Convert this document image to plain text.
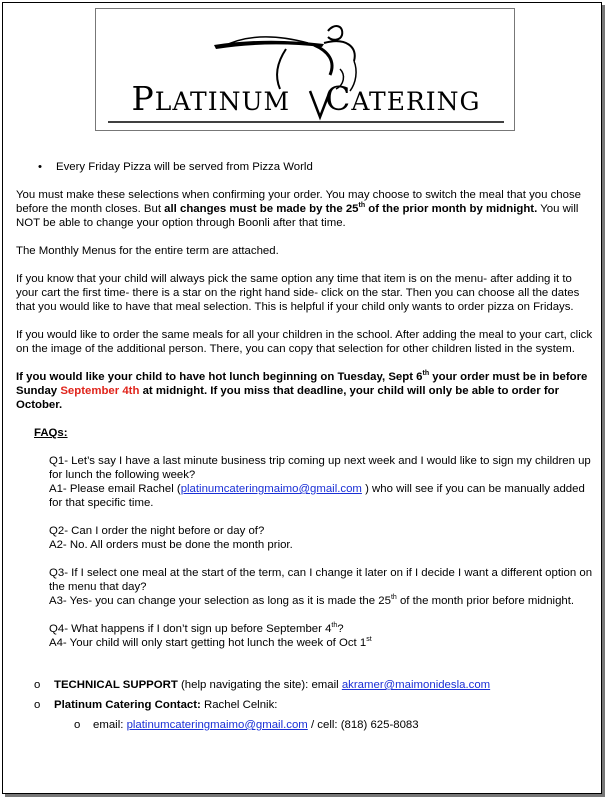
PLATINUM CATERING
• Every Friday Pizza will be served from Pizza World

You must make these selections when confirming your order. You may choose to switch the meal that you chose before the month closes. But all changes must be made by the 25th of the prior month by midnight. You will NOT be able to change your option through Boonli after that time.

The Monthly Menus for the entire term are attached.

If you know that your child will always pick the same option any time that item is on the menu- after adding it to your cart the first time- there is a star on the right hand side- click on the star. Then you can choose all the dates that you would like to have that meal selection. This is helpful if your child only wants to order pizza on Fridays.

If you would like to order the same meals for all your children in the school. After adding the meal to your cart, click on the image of the additional person. There, you can copy that selection for other children listed in the system.

If you would like your child to have hot lunch beginning on Tuesday, Sept 6th your order must be in before Sunday September 4th at midnight. If you miss that deadline, your child will only be able to order for October.

FAQs:

Q1- Let’s say I have a last minute business trip coming up next week and I would like to sign my children up for lunch the following week?

A1- Please email Rachel (platinumcateringmaimo@gmail.com ) who will see if you can be manually added for that specific time.

Q2- Can I order the night before or day of?

A2- No. All orders must be done the month prior.

Q3- If I select one meal at the start of the term, can I change it later on if I decide I want a different option on the menu that day?

A3- Yes- you can change your selection as long as it is made the 25th of the month prior before midnight.

Q4- What happens if I don’t sign up before September 4th?

A4- Your child will only start getting hot lunch the week of Oct 1st

o TECHNICAL SUPPORT (help navigating the site): email akramer@maimonidesla.com
o Platinum Catering Contact: Rachel Celnik:
o email: platinumcateringmaimo@gmail.com / cell: (818) 625-8083
